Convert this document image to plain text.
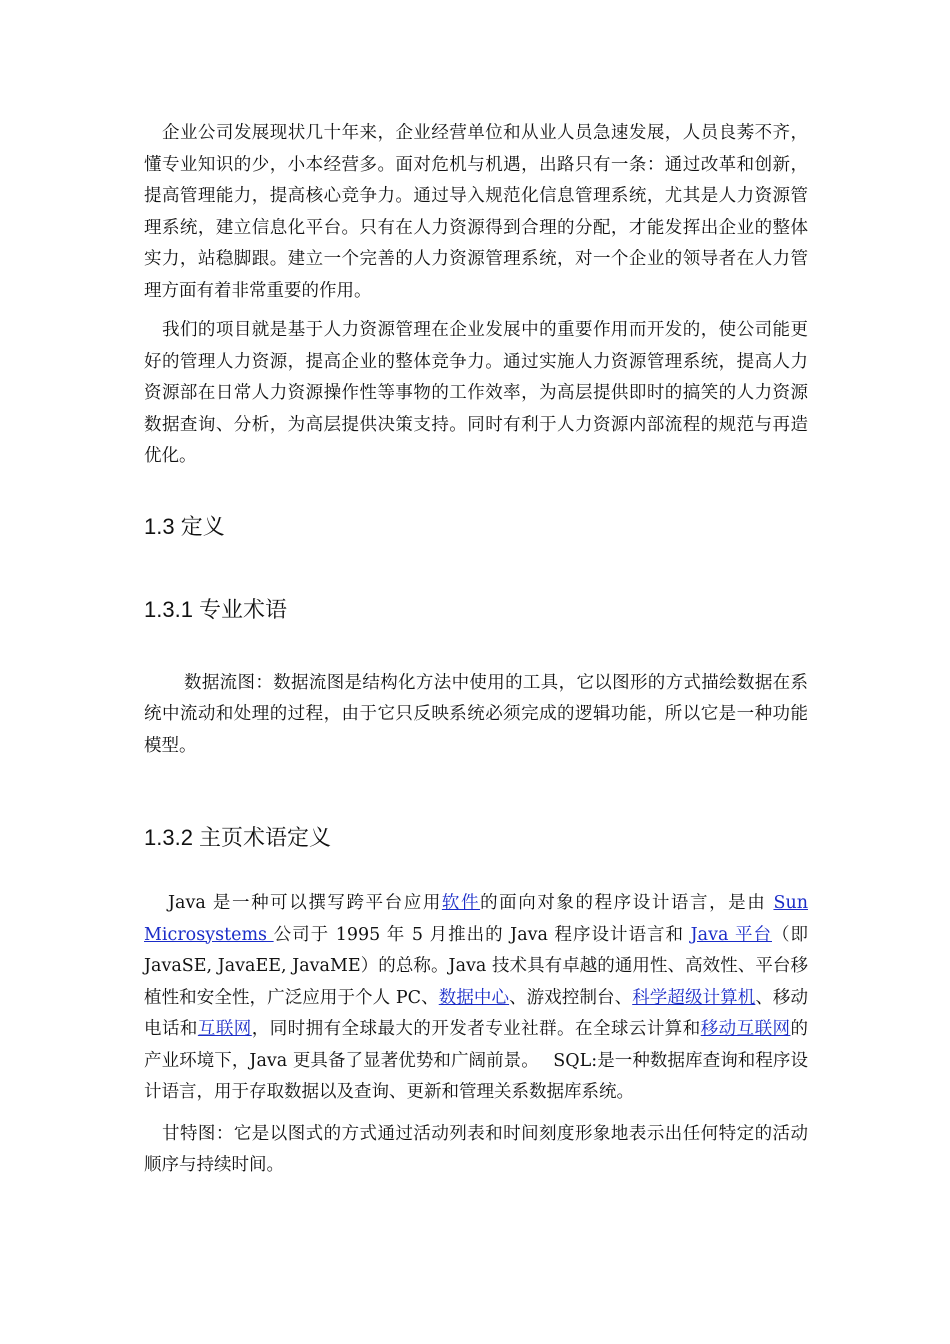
企业公司发展现状几十年来，企业经营单位和从业人员急速发展，人员良莠不齐，懂专业知识的少，小本经营多。面对危机与机遇，出路只有一条：通过改革和创新，提高管理能力，提高核心竞争力。通过导入规范化信息管理系统，尤其是人力资源管理系统，建立信息化平台。只有在人力资源得到合理的分配，才能发挥出企业的整体实力，站稳脚跟。建立一个完善的人力资源管理系统，对一个企业的领导者在人力管理方面有着非常重要的作用。

我们的项目就是基于人力资源管理在企业发展中的重要作用而开发的，使公司能更好的管理人力资源，提高企业的整体竞争力。通过实施人力资源管理系统，提高人力资源部在日常人力资源操作性等事物的工作效率，为高层提供即时的搞笑的人力资源数据查询、分析，为高层提供决策支持。同时有利于人力资源内部流程的规范与再造优化。

1.3 定义
1.3.1 专业术语

数据流图：数据流图是结构化方法中使用的工具，它以图形的方式描绘数据在系统中流动和处理的过程，由于它只反映系统必须完成的逻辑功能，所以它是一种功能模型。

1.3.2 主页术语定义

Java 是一种可以撰写跨平台应用软件的面向对象的程序设计语言，是由 Sun Microsystems 公司于 1995 年 5 月推出的 Java 程序设计语言和 Java 平台（即 JavaSE, JavaEE, JavaME）的总称。Java 技术具有卓越的通用性、高效性、平台移植性和安全性，广泛应用于个人 PC、数据中心、游戏控制台、科学超级计算机、移动电话和互联网，同时拥有全球最大的开发者专业社群。在全球云计算和移动互联网的产业环境下，Java 更具备了显著优势和广阔前景。　 SQL:是一种数据库查询和程序设计语言，用于存取数据以及查询、更新和管理关系数据库系统。

甘特图：它是以图式的方式通过活动列表和时间刻度形象地表示出任何特定的活动顺序与持续时间。
